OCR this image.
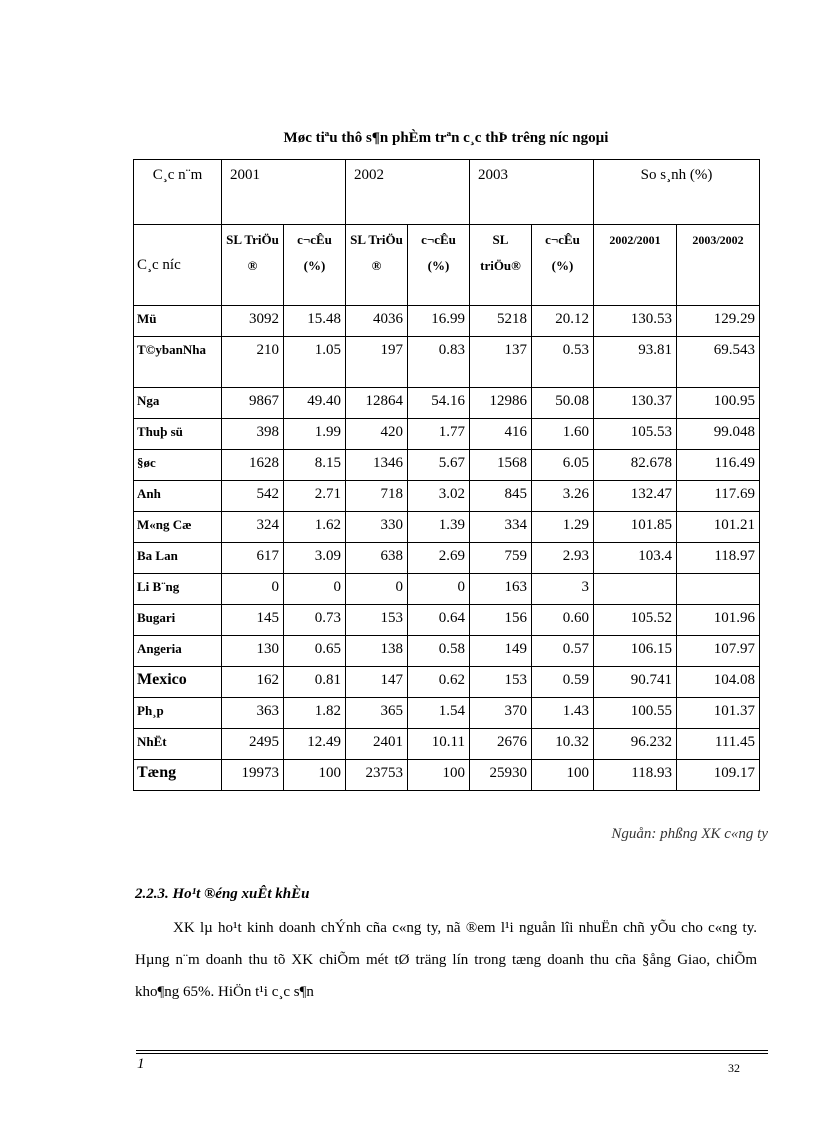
Møc tiªu thô s¶n phÈm trªn c¸c thÞ trêng níc ngoµi
C¸c n¨m	2001		2002		2003		So s¸nh (%)	
C¸c níc	SL TriÖu ®	c¬cÊu (%)	SL TriÖu ®	c¬cÊu (%)	SL triÖu®	c¬cÊu (%)	2002/2001	2003/2002
Mü	3092	15.48	4036	16.99	5218	20.12	130.53	129.29
T©ybanNha	210	1.05	197	0.83	137	0.53	93.81	69.543
Nga	9867	49.40	12864	54.16	12986	50.08	130.37	100.95
Thuþ sü	398	1.99	420	1.77	416	1.60	105.53	99.048
§øc	1628	8.15	1346	5.67	1568	6.05	82.678	116.49
Anh	542	2.71	718	3.02	845	3.26	132.47	117.69
M«ng Cæ	324	1.62	330	1.39	334	1.29	101.85	101.21
Ba Lan	617	3.09	638	2.69	759	2.93	103.4	118.97
Li B¨ng	0	0	0	0	163	3		
Bugari	145	0.73	153	0.64	156	0.60	105.52	101.96
Angeria	130	0.65	138	0.58	149	0.57	106.15	107.97
Mexico	162	0.81	147	0.62	153	0.59	90.741	104.08
Ph¸p	363	1.82	365	1.54	370	1.43	100.55	101.37
NhËt	2495	12.49	2401	10.11	2676	10.32	96.232	111.45
Tæng	19973	100	23753	100	25930	100	118.93	109.17
Nguån: phßng XK c«ng ty
2.2.3. Ho¹t ®éng xuÊt khÈu

XK lµ ho¹t kinh doanh chÝnh cña c«ng ty, nã ®em l¹i nguån lîi nhuËn chñ yÕu cho c«ng ty. Hµng n¨m doanh thu tõ XK chiÕm mét tØ träng lín trong tæng doanh thu cña §ång Giao, chiÕm kho¶ng 65%. HiÖn t¹i c¸c s¶n

1	32
